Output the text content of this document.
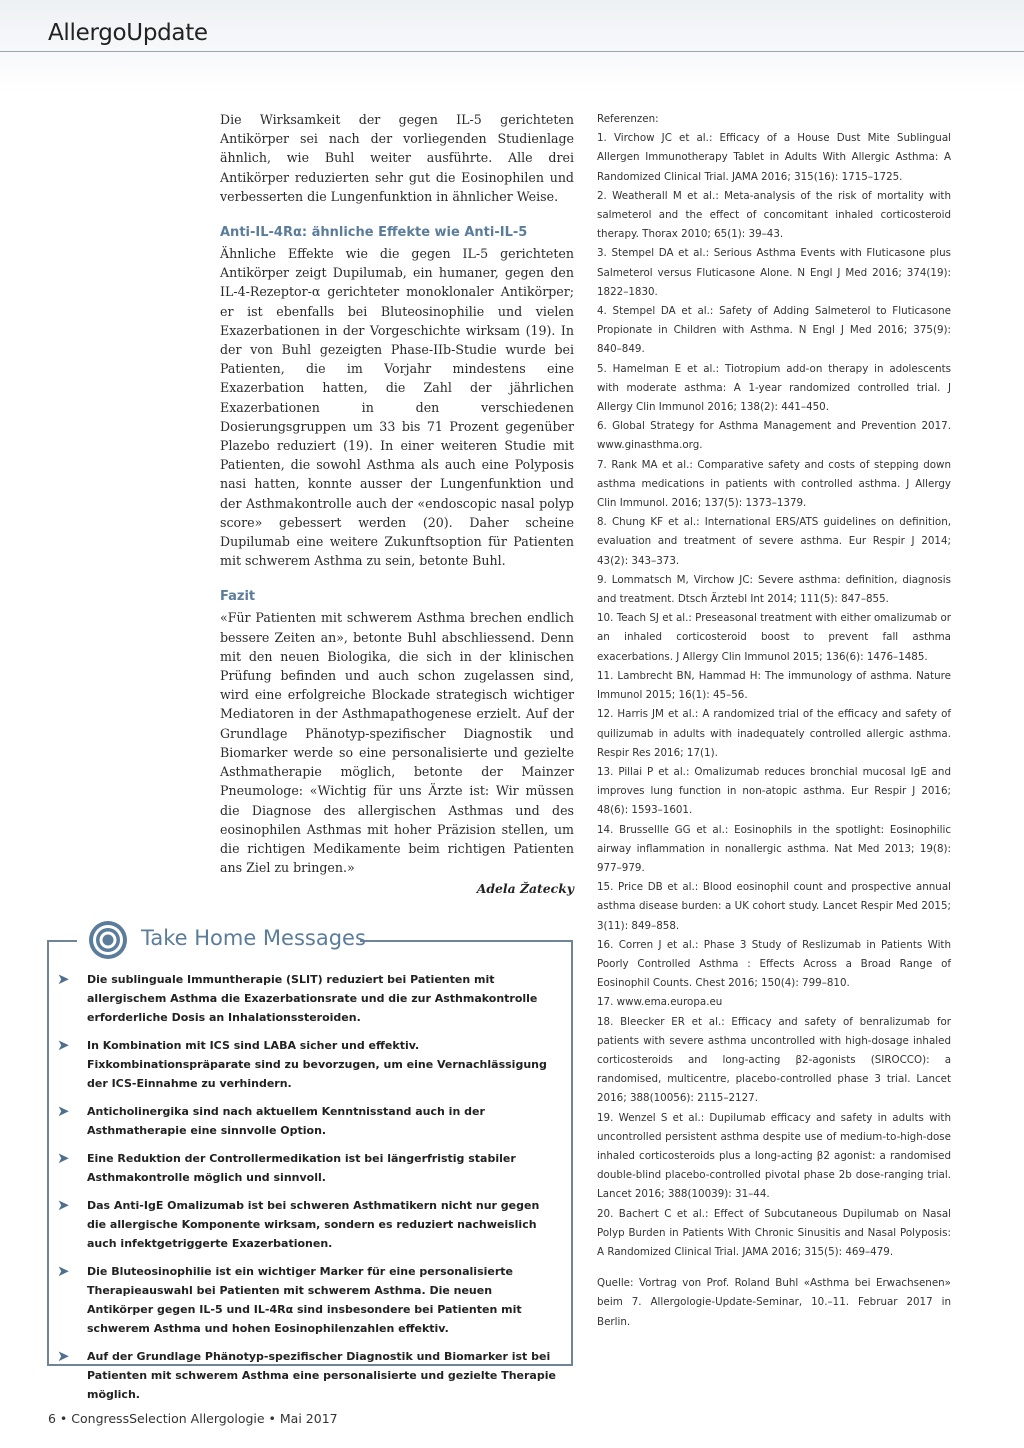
AllergoUpdate

Die Wirksamkeit der gegen IL-5 gerichteten Antikörper sei nach der vorliegenden Studienlage ähnlich, wie Buhl weiter ausführte. Alle drei Antikörper reduzierten sehr gut die Eosinophilen und verbesserten die Lungenfunktion in ähnlicher Weise.

Anti-IL-4Rα: ähnliche Effekte wie Anti-IL-5

Ähnliche Effekte wie die gegen IL-5 gerichteten Antikörper zeigt Dupilumab, ein humaner, gegen den IL-4-Rezeptor-α gerichteter monoklonaler Antikörper; er ist ebenfalls bei Bluteosinophilie und vielen Exazerbationen in der Vorgeschichte wirksam (19). In der von Buhl gezeigten Phase-IIb-Studie wurde bei Patienten, die im Vorjahr mindestens eine Exazerbation hatten, die Zahl der jährlichen Exazerbationen in den verschiedenen Dosierungsgruppen um 33 bis 71 Prozent gegenüber Plazebo reduziert (19). In einer weiteren Studie mit Patienten, die sowohl Asthma als auch eine Polyposis nasi hatten, konnte ausser der Lungenfunktion und der Asthmakontrolle auch der «endoscopic nasal polyp score» gebessert werden (20). Daher scheine Dupilumab eine weitere Zukunftsoption für Patienten mit schwerem Asthma zu sein, betonte Buhl.

Fazit

«Für Patienten mit schwerem Asthma brechen endlich bessere Zeiten an», betonte Buhl abschliessend. Denn mit den neuen Biologika, die sich in der klinischen Prüfung befinden und auch schon zugelassen sind, wird eine erfolgreiche Blockade strategisch wichtiger Mediatoren in der Asthmapathogenese erzielt. Auf der Grundlage Phänotyp-spezifischer Diagnostik und Biomarker werde so eine personalisierte und gezielte Asthmatherapie möglich, betonte der Mainzer Pneumologe: «Wichtig für uns Ärzte ist: Wir müssen die Diagnose des allergischen Asthmas und des eosinophilen Asthmas mit hoher Präzision stellen, um die richtigen Medikamente beim richtigen Patienten ans Ziel zu bringen.»

Adela Žatecky

Referenzen:

1. Virchow JC et al.: Efficacy of a House Dust Mite Sublingual Allergen Immunotherapy Tablet in Adults With Allergic Asthma: A Randomized Clinical Trial. JAMA 2016; 315(16): 1715–1725.

2. Weatherall M et al.: Meta-analysis of the risk of mortality with salmeterol and the effect of concomitant inhaled corticosteroid therapy. Thorax 2010; 65(1): 39–43.

3. Stempel DA et al.: Serious Asthma Events with Fluticasone plus Salmeterol versus Fluticasone Alone. N Engl J Med 2016; 374(19): 1822–1830.

4. Stempel DA et al.: Safety of Adding Salmeterol to Fluticasone Propionate in Children with Asthma. N Engl J Med 2016; 375(9): 840–849.

5. Hamelman E et al.: Tiotropium add-on therapy in adolescents with moderate asthma: A 1-year randomized controlled trial. J Allergy Clin Immunol 2016; 138(2): 441–450.

6. Global Strategy for Asthma Management and Prevention 2017. www.ginasthma.org.

7. Rank MA et al.: Comparative safety and costs of stepping down asthma medications in patients with controlled asthma. J Allergy Clin Immunol. 2016; 137(5): 1373–1379.

8. Chung KF et al.: International ERS/ATS guidelines on definition, evaluation and treatment of severe asthma. Eur Respir J 2014; 43(2): 343–373.

9. Lommatsch M, Virchow JC: Severe asthma: definition, diagnosis and treatment. Dtsch Ärztebl Int 2014; 111(5): 847–855.

10. Teach SJ et al.: Preseasonal treatment with either omalizumab or an inhaled corticosteroid boost to prevent fall asthma exacerbations. J Allergy Clin Immunol 2015; 136(6): 1476–1485.

11. Lambrecht BN, Hammad H: The immunology of asthma. Nature Immunol 2015; 16(1): 45–56.

12. Harris JM et al.: A randomized trial of the efficacy and safety of quilizumab in adults with inadequately controlled allergic asthma. Respir Res 2016; 17(1).

13. Pillai P et al.: Omalizumab reduces bronchial mucosal IgE and improves lung function in non-atopic asthma. Eur Respir J 2016; 48(6): 1593–1601.

14. Brussellle GG et al.: Eosinophils in the spotlight: Eosinophilic airway inflammation in nonallergic asthma. Nat Med 2013; 19(8): 977–979.

15. Price DB et al.: Blood eosinophil count and prospective annual asthma disease burden: a UK cohort study. Lancet Respir Med 2015; 3(11): 849–858.

16. Corren J et al.: Phase 3 Study of Reslizumab in Patients With Poorly Controlled Asthma : Effects Across a Broad Range of Eosinophil Counts. Chest 2016; 150(4): 799–810.

17. www.ema.europa.eu

18. Bleecker ER et al.: Efficacy and safety of benralizumab for patients with severe asthma uncontrolled with high-dosage inhaled corticosteroids and long-acting β2-agonists (SIROCCO): a randomised, multicentre, placebo-controlled phase 3 trial. Lancet 2016; 388(10056): 2115–2127.

19. Wenzel S et al.: Dupilumab efficacy and safety in adults with uncontrolled persistent asthma despite use of medium-to-high-dose inhaled corticosteroids plus a long-acting β2 agonist: a randomised double-blind placebo-controlled pivotal phase 2b dose-ranging trial. Lancet 2016; 388(10039): 31–44.

20. Bachert C et al.: Effect of Subcutaneous Dupilumab on Nasal Polyp Burden in Patients With Chronic Sinusitis and Nasal Polyposis: A Randomized Clinical Trial. JAMA 2016; 315(5): 469–479.

Quelle: Vortrag von Prof. Roland Buhl «Asthma bei Erwachsenen» beim 7. Allergologie-Update-Seminar, 10.–11. Februar 2017 in Berlin.

Take Home Messages
➤	Die sublinguale Immuntherapie (SLIT) reduziert bei Patienten mit allergischem Asthma die Exazerbationsrate und die zur Asthmakontrolle erforderliche Dosis an Inhalationssteroiden.
➤	In Kombination mit ICS sind LABA sicher und effektiv. Fixkombinationspräparate sind zu bevorzugen, um eine Vernachlässigung der ICS-Einnahme zu verhindern.
➤	Anticholinergika sind nach aktuellem Kenntnisstand auch in der Asthmatherapie eine sinnvolle Option.
➤	Eine Reduktion der Controllermedikation ist bei längerfristig stabiler Asthmakontrolle möglich und sinnvoll.
➤	Das Anti-IgE Omalizumab ist bei schweren Asthmatikern nicht nur gegen die allergische Komponente wirksam, sondern es reduziert nachweislich auch infektgetriggerte Exazerbationen.
➤	Die Bluteosinophilie ist ein wichtiger Marker für eine personalisierte Therapieauswahl bei Patienten mit schwerem Asthma. Die neuen Antikörper gegen IL-5 und IL-4Rα sind insbesondere bei Patienten mit schwerem Asthma und hohen Eosinophilenzahlen effektiv.
➤	Auf der Grundlage Phänotyp-spezifischer Diagnostik und Biomarker ist bei Patienten mit schwerem Asthma eine personalisierte und gezielte Therapie möglich.
6 • CongressSelection Allergologie • Mai 2017
